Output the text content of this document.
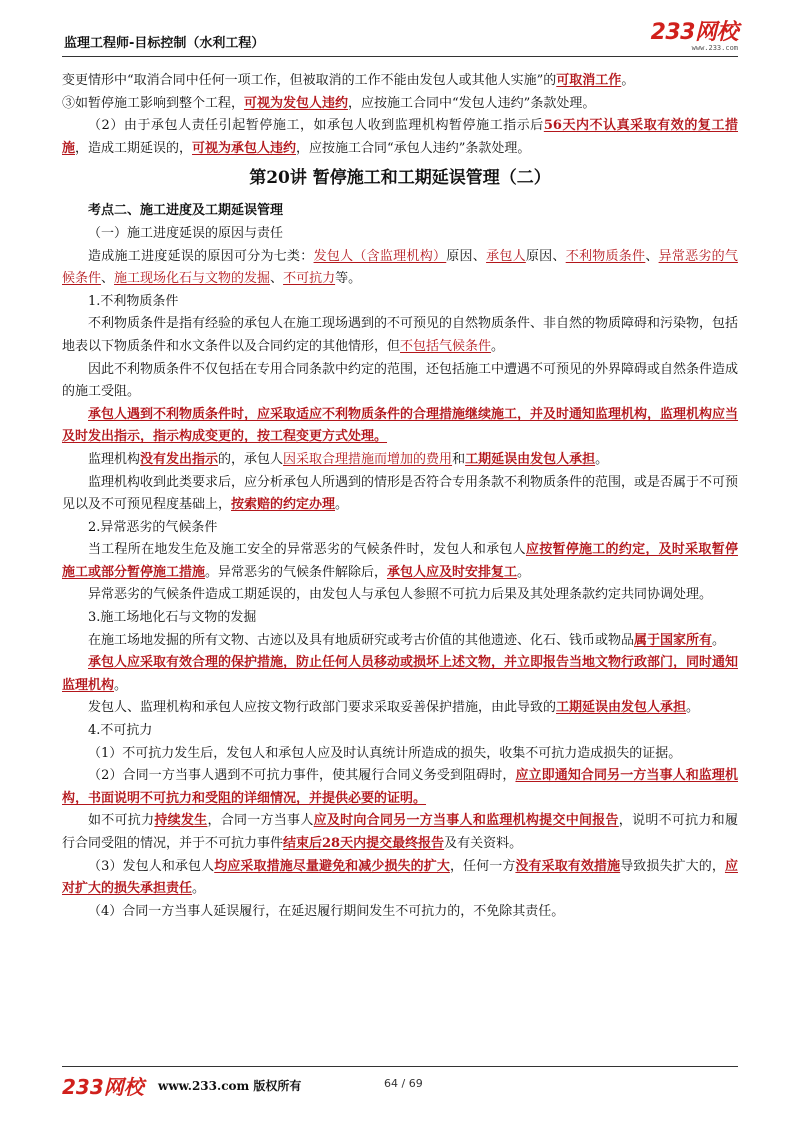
监理工程师-目标控制（水利工程）	233网校
www.233.com

变更情形中“取消合同中任何一项工作，但被取消的工作不能由发包人或其他人实施”的可取消工作。

③如暂停施工影响到整个工程，可视为发包人违约，应按施工合同中“发包人违约”条款处理。

（2）由于承包人责任引起暂停施工，如承包人收到监理机构暂停施工指示后56天内不认真采取有效的复工措施，造成工期延误的，可视为承包人违约，应按施工合同“承包人违约”条款处理。

第20讲 暂停施工和工期延误管理（二）

考点二、施工进度及工期延误管理

（一）施工进度延误的原因与责任

造成施工进度延误的原因可分为七类：发包人（含监理机构）原因、承包人原因、不利物质条件、异常恶劣的气候条件、施工现场化石与文物的发掘、不可抗力等。

1.不利物质条件

不利物质条件是指有经验的承包人在施工现场遇到的不可预见的自然物质条件、非自然的物质障碍和污染物，包括地表以下物质条件和水文条件以及合同约定的其他情形，但不包括气候条件。

因此不利物质条件不仅包括在专用合同条款中约定的范围，还包括施工中遭遇不可预见的外界障碍或自然条件造成的施工受阻。

承包人遇到不利物质条件时，应采取适应不利物质条件的合理措施继续施工，并及时通知监理机构，监理机构应当及时发出指示，指示构成变更的，按工程变更方式处理。

监理机构没有发出指示的，承包人因采取合理措施而增加的费用和工期延误由发包人承担。

监理机构收到此类要求后，应分析承包人所遇到的情形是否符合专用条款不利物质条件的范围，或是否属于不可预见以及不可预见程度基础上，按索赔的约定办理。

2.异常恶劣的气候条件

当工程所在地发生危及施工安全的异常恶劣的气候条件时，发包人和承包人应按暂停施工的约定，及时采取暂停施工或部分暂停施工措施。异常恶劣的气候条件解除后，承包人应及时安排复工。

异常恶劣的气候条件造成工期延误的，由发包人与承包人参照不可抗力后果及其处理条款约定共同协调处理。

3.施工场地化石与文物的发掘

在施工场地发掘的所有文物、古迹以及具有地质研究或考古价值的其他遗迹、化石、钱币或物品属于国家所有。

承包人应采取有效合理的保护措施，防止任何人员移动或损坏上述文物，并立即报告当地文物行政部门，同时通知监理机构。

发包人、监理机构和承包人应按文物行政部门要求采取妥善保护措施，由此导致的工期延误由发包人承担。

4.不可抗力

（1）不可抗力发生后，发包人和承包人应及时认真统计所造成的损失，收集不可抗力造成损失的证据。

（2）合同一方当事人遇到不可抗力事件，使其履行合同义务受到阻碍时，应立即通知合同另一方当事人和监理机构，书面说明不可抗力和受阻的详细情况，并提供必要的证明。

如不可抗力持续发生，合同一方当事人应及时向合同另一方当事人和监理机构提交中间报告，说明不可抗力和履行合同受阻的情况，并于不可抗力事件结束后28天内提交最终报告及有关资料。

（3）发包人和承包人均应采取措施尽量避免和减少损失的扩大，任何一方没有采取有效措施导致损失扩大的，应对扩大的损失承担责任。

（4）合同一方当事人延误履行，在延迟履行期间发生不可抗力的，不免除其责任。

233网校 www.233.com 版权所有	64 / 69
